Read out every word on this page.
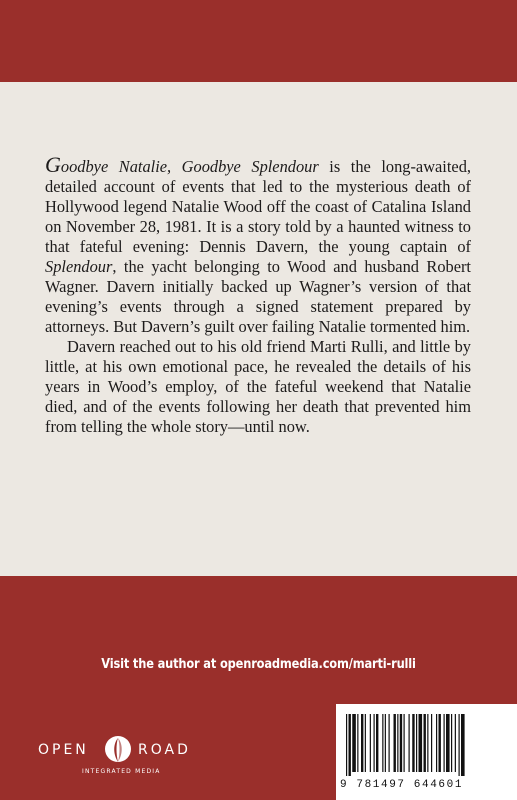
Goodbye Natalie, Goodbye Splendour is the long-awaited, detailed account of events that led to the mysterious death of Hollywood legend Natalie Wood off the coast of Catalina Island on November 28, 1981. It is a story told by a haunted witness to that fateful evening: Dennis Davern, the young captain of Splendour, the yacht belonging to Wood and husband Robert Wagner. Davern initially backed up Wagner’s version of that evening’s events through a signed statement prepared by attorneys. But Davern’s guilt over failing Natalie tormented him.

Davern reached out to his old friend Marti Rulli, and little by little, at his own emotional pace, he revealed the details of his years in Wood’s employ, of the fateful weekend that Natalie died, and of the events following her death that prevented him from telling the whole story—until now.

Visit the author at openroadmedia.com/marti-rulli
OPEN	ROAD
INTEGRATED MEDIA
9 781497 644601
